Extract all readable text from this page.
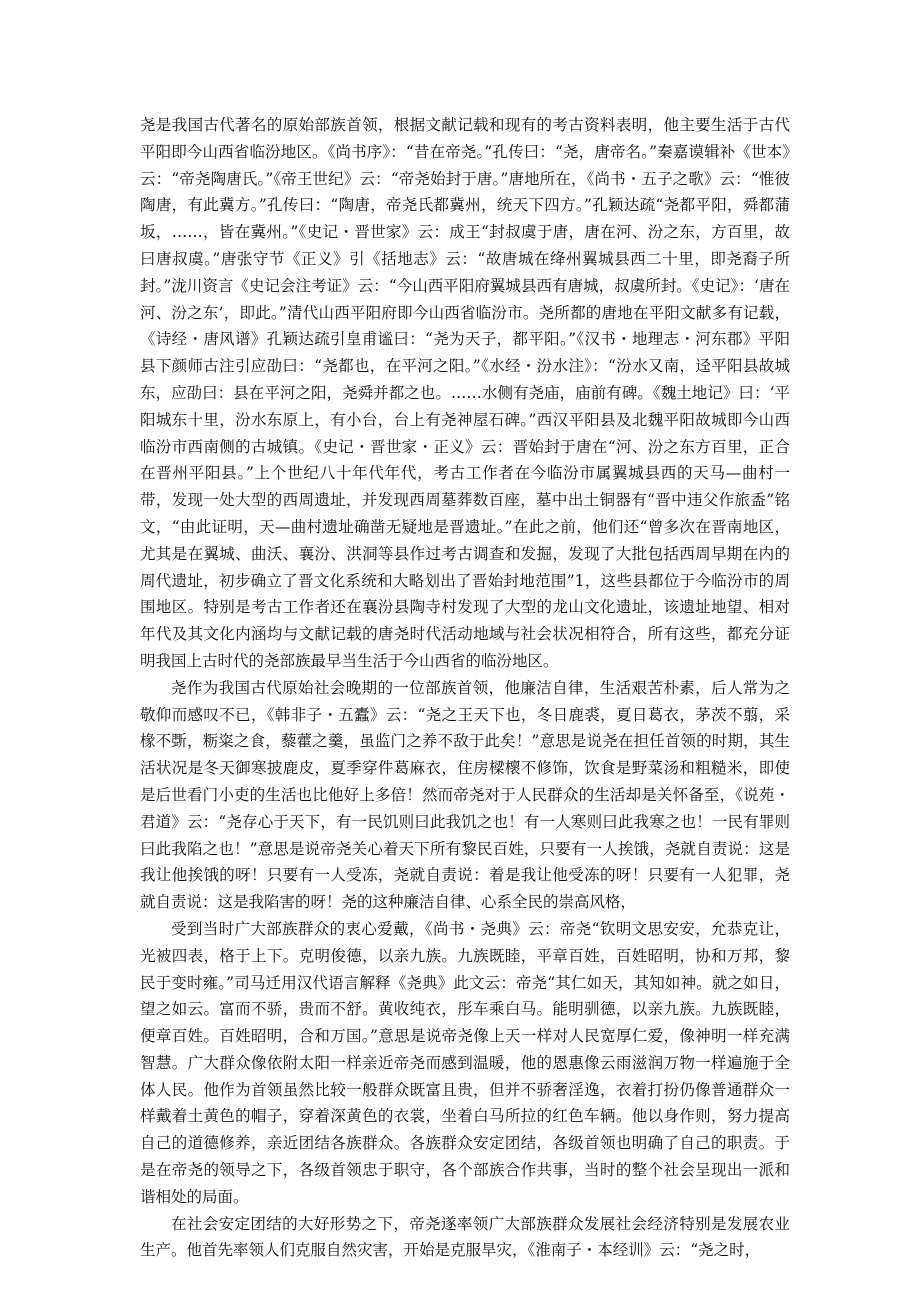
尧是我国古代著名的原始部族首领，根据文献记载和现有的考古资料表明，他主要生活于古代平阳即今山西省临汾地区。《尚书序》：“昔在帝尧。”孔传曰：“尧，唐帝名。”秦嘉谟辑补《世本》云：“帝尧陶唐氏。”《帝王世纪》云：“帝尧始封于唐。”唐地所在，《尚书・五子之歌》云：“惟彼陶唐，有此冀方。”孔传曰：“陶唐，帝尧氏都冀州，统天下四方。”孔颖达疏“尧都平阳，舜都蒲坂，……，皆在冀州。”《史记・晋世家》云：成王“封叔虞于唐，唐在河、汾之东，方百里，故曰唐叔虞。”唐张守节《正义》引《括地志》云：“故唐城在绛州翼城县西二十里，即尧裔子所封。”泷川资言《史记会注考证》云：“今山西平阳府翼城县西有唐城，叔虞所封。《史记》：‘唐在河、汾之东’，即此。”清代山西平阳府即今山西省临汾市。尧所都的唐地在平阳文献多有记载，《诗经・唐风谱》孔颖达疏引皇甫谧曰：“尧为天子，都平阳。”《汉书・地理志・河东郡》平阳县下颜师古注引应劭曰：“尧都也，在平河之阳。”《水经・汾水注》：“汾水又南，迳平阳县故城东，应劭曰：县在平河之阳，尧舜并都之也。……水侧有尧庙，庙前有碑。《魏土地记》曰：‘平阳城东十里，汾水东原上，有小台，台上有尧神屋石碑。”西汉平阳县及北魏平阳故城即今山西临汾市西南侧的古城镇。《史记・晋世家・正义》云：晋始封于唐在“河、汾之东方百里，正合在晋州平阳县。”上个世纪八十年代年代，考古工作者在今临汾市属翼城县西的天马—曲村一带，发现一处大型的西周遗址，并发现西周墓葬数百座，墓中出土铜器有“晋中违父作旅盉”铭文，“由此证明，天—曲村遗址确凿无疑地是晋遗址。”在此之前，他们还“曾多次在晋南地区，尤其是在翼城、曲沃、襄汾、洪洞等县作过考古调查和发掘，发现了大批包括西周早期在内的周代遗址，初步确立了晋文化系统和大略划出了晋始封地范围”1，这些县都位于今临汾市的周围地区。特别是考古工作者还在襄汾县陶寺村发现了大型的龙山文化遗址，该遗址地望、相对年代及其文化内涵均与文献记载的唐尧时代活动地域与社会状况相符合，所有这些，都充分证明我国上古时代的尧部族最早当生活于今山西省的临汾地区。

尧作为我国古代原始社会晚期的一位部族首领，他廉洁自律，生活艰苦朴素，后人常为之敬仰而感叹不已，《韩非子・五蠹》云：“尧之王天下也，冬日鹿裘，夏日葛衣，茅茨不翦，采椽不斲，粝粢之食，藜藿之羹，虽监门之养不敌于此矣！”意思是说尧在担任首领的时期，其生活状况是冬天御寒披鹿皮，夏季穿件葛麻衣，住房樑櫰不修饰，饮食是野菜汤和粗糙米，即使是后世看门小吏的生活也比他好上多倍！然而帝尧对于人民群众的生活却是关怀备至，《说苑・君道》云：“尧存心于天下，有一民饥则曰此我饥之也！有一人寒则曰此我寒之也！一民有罪则曰此我陷之也！”意思是说帝尧关心着天下所有黎民百姓，只要有一人挨饿，尧就自责说：这是我让他挨饿的呀！只要有一人受冻，尧就自责说：着是我让他受冻的呀！只要有一人犯罪，尧就自责说：这是我陷害的呀！尧的这种廉洁自律、心系全民的崇高风格，

受到当时广大部族群众的衷心爱戴，《尚书・尧典》云：帝尧“钦明文思安安，允恭克让，光被四表，格于上下。克明俊德，以亲九族。九族既睦，平章百姓，百姓昭明，协和万邦，黎民于变时雍。”司马迁用汉代语言解释《尧典》此文云：帝尧“其仁如天，其知如神。就之如日，望之如云。富而不骄，贵而不舒。黄收纯衣，彤车乘白马。能明驯德，以亲九族。九族既睦，便章百姓。百姓昭明，合和万国。”意思是说帝尧像上天一样对人民宽厚仁爱，像神明一样充满智慧。广大群众像依附太阳一样亲近帝尧而感到温暖，他的恩惠像云雨滋润万物一样遍施于全体人民。他作为首领虽然比较一般群众既富且贵，但并不骄奢淫逸，衣着打扮仍像普通群众一样戴着土黄色的帽子，穿着深黄色的衣裳，坐着白马所拉的红色车辆。他以身作则，努力提高自己的道德修养，亲近团结各族群众。各族群众安定团结，各级首领也明确了自己的职责。于是在帝尧的领导之下，各级首领忠于职守，各个部族合作共事，当时的整个社会呈现出一派和谐相处的局面。

在社会安定团结的大好形势之下，帝尧遂率领广大部族群众发展社会经济特别是发展农业生产。他首先率领人们克服自然灾害，开始是克服旱灾，《淮南子・本经训》云：“尧之时，
